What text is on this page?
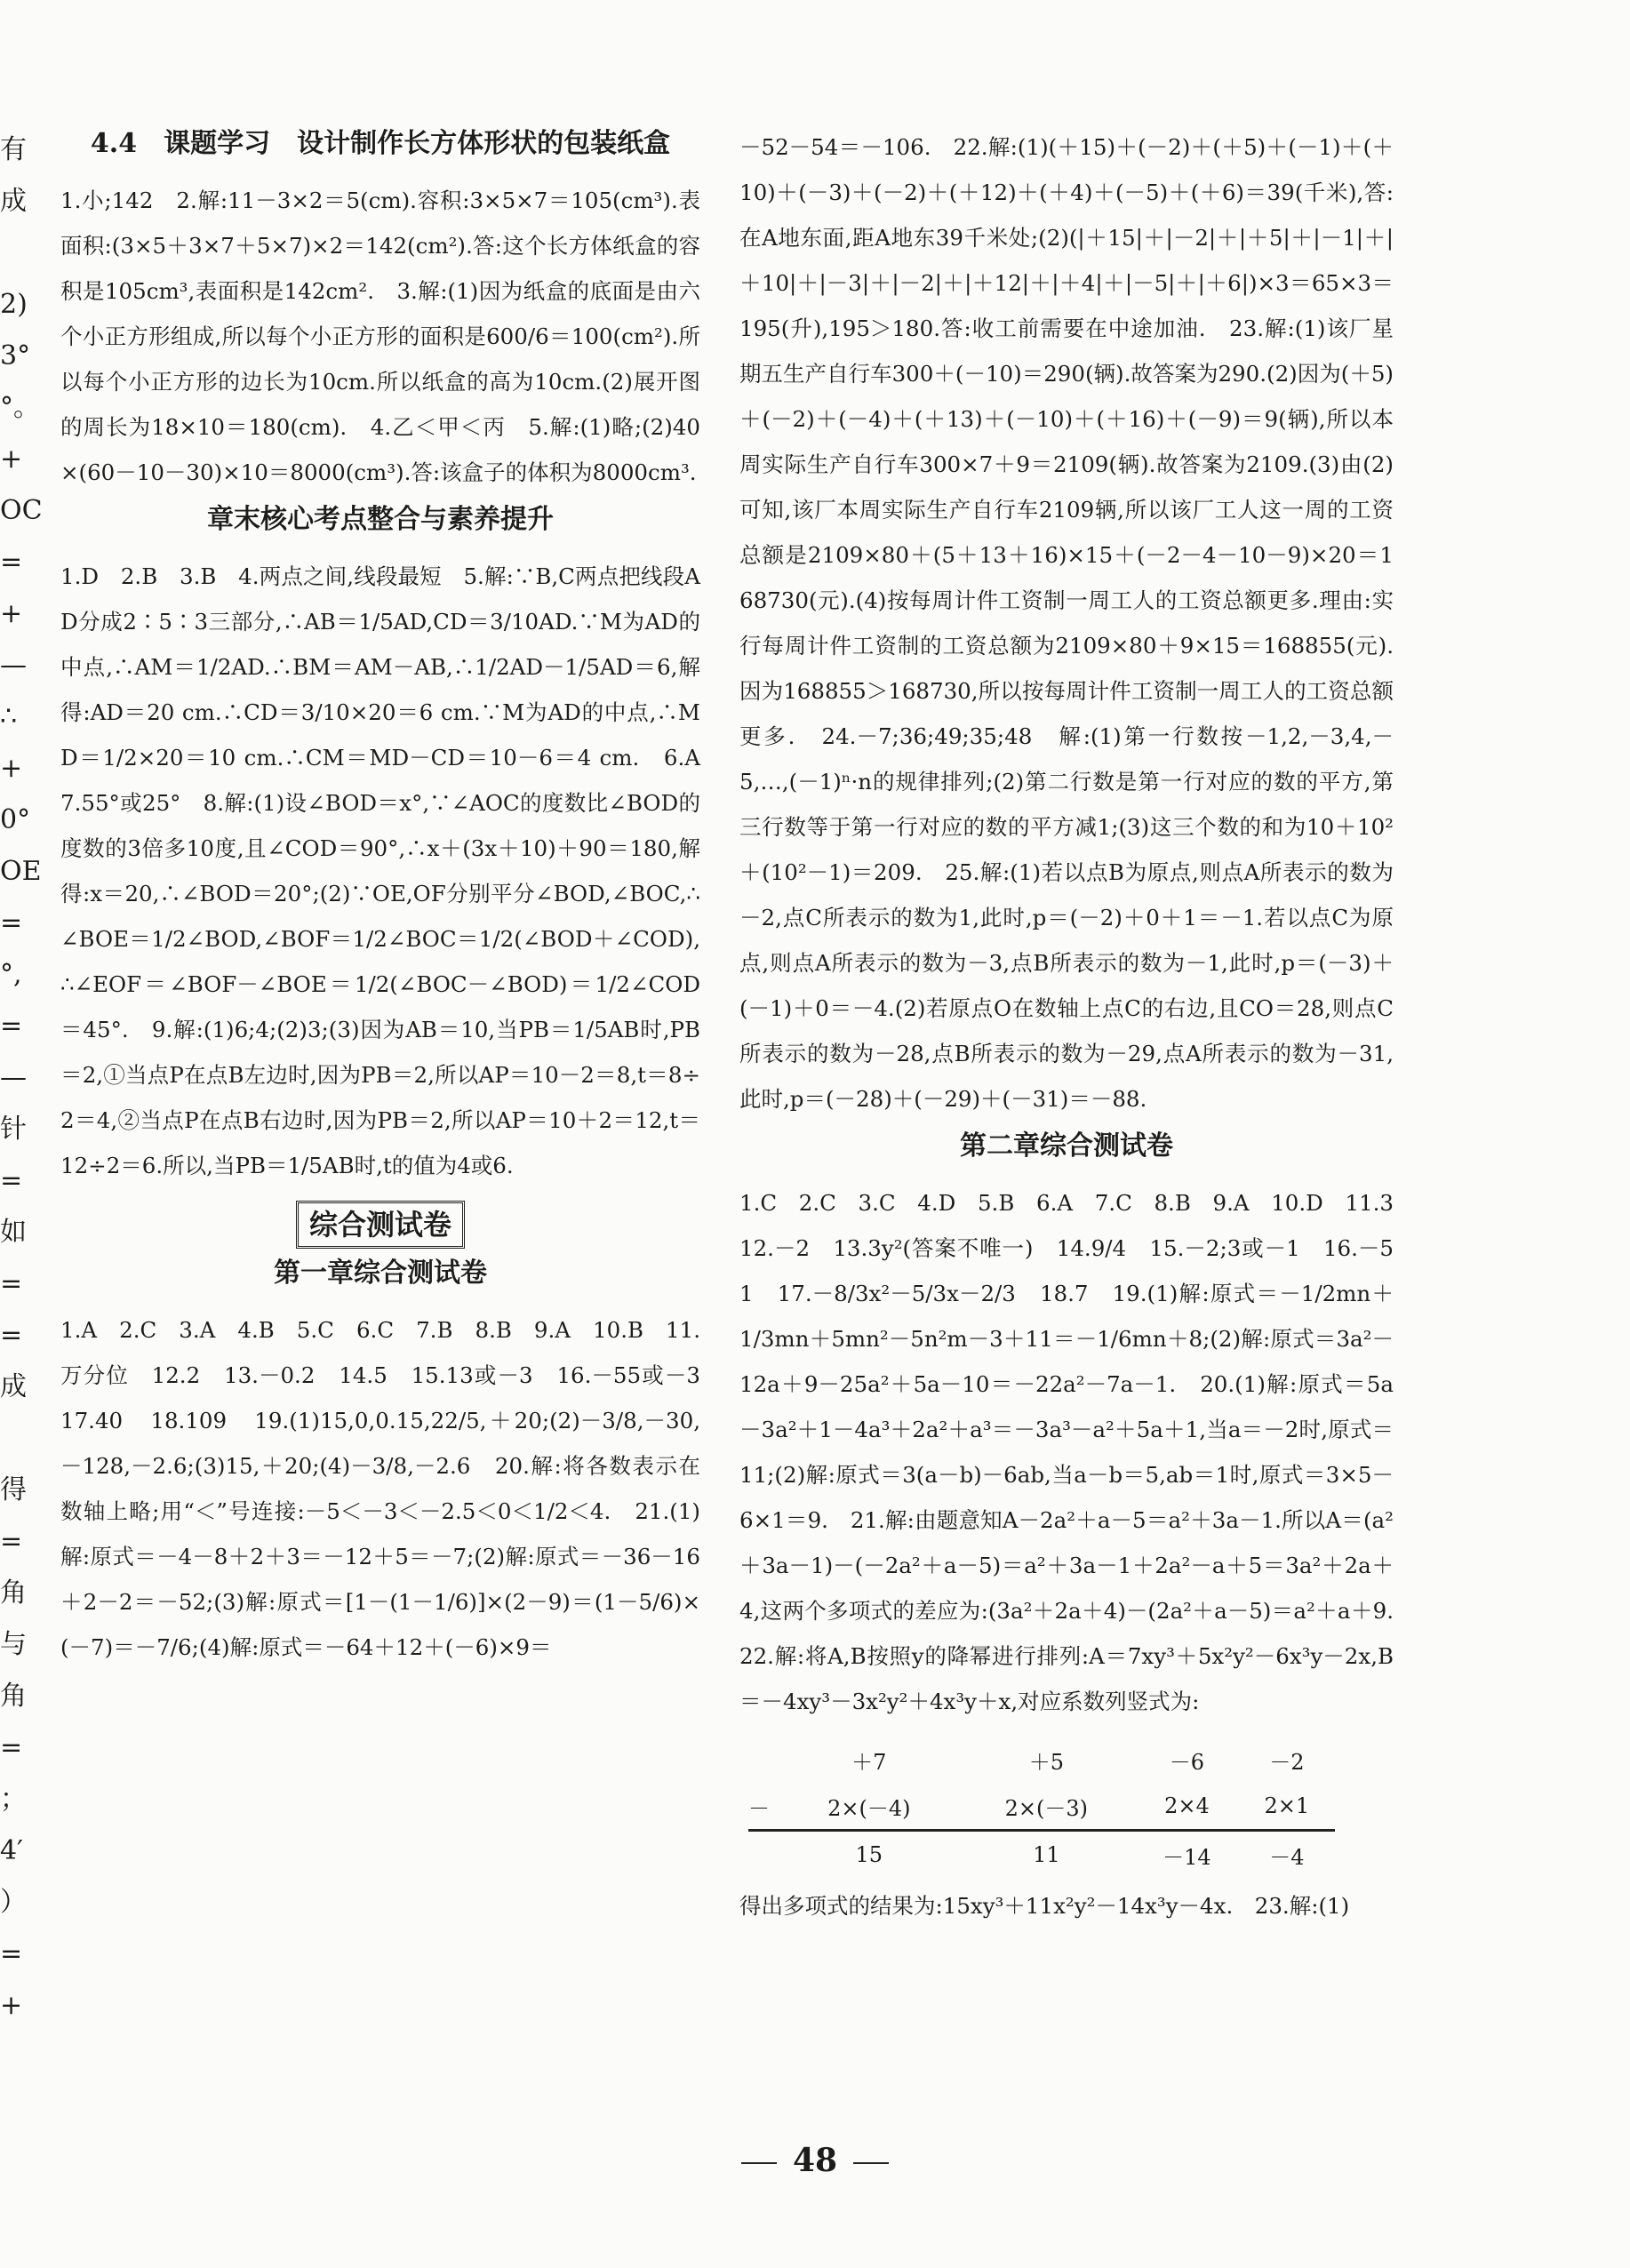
有
成
2)
3°
°。
+
OC
=
+
—
∴
+
0°
OE
=
°,
=
—
针
=
如
=
=
成
得
=
角
与
角
=
；
4′
）
=
+
4.4　课题学习　设计制作长方体形状的包装纸盒
1.小;142　2.解:11－3×2＝5(cm).容积:3×5×7＝105(cm³).表面积:(3×5＋3×7＋5×7)×2＝142(cm²).答:这个长方体纸盒的容积是105cm³,表面积是142cm².　3.解:(1)因为纸盒的底面是由六个小正方形组成,所以每个小正方形的面积是600/6＝100(cm²).所以每个小正方形的边长为10cm.所以纸盒的高为10cm.(2)展开图的周长为18×10＝180(cm).　4.乙＜甲＜丙　5.解:(1)略;(2)40×(60－10－30)×10＝8000(cm³).答:该盒子的体积为8000cm³.
章末核心考点整合与素养提升
1.D　2.B　3.B　4.两点之间,线段最短　5.解:∵B,C两点把线段AD分成2∶5∶3三部分,∴AB＝1/5AD,CD＝3/10AD.∵M为AD的中点,∴AM＝1/2AD.∴BM＝AM－AB,∴1/2AD－1/5AD＝6,解得:AD＝20 cm.∴CD＝3/10×20＝6 cm.∵M为AD的中点,∴MD＝1/2×20＝10 cm.∴CM＝MD－CD＝10－6＝4 cm.　6.A　7.55°或25°　8.解:(1)设∠BOD＝x°,∵∠AOC的度数比∠BOD的度数的3倍多10度,且∠COD＝90°,∴x＋(3x＋10)＋90＝180,解得:x＝20,∴∠BOD＝20°;(2)∵OE,OF分别平分∠BOD,∠BOC,∴∠BOE＝1/2∠BOD,∠BOF＝1/2∠BOC＝1/2(∠BOD＋∠COD),∴∠EOF＝∠BOF－∠BOE＝1/2(∠BOC－∠BOD)＝1/2∠COD＝45°.　9.解:(1)6;4;(2)3;(3)因为AB＝10,当PB＝1/5AB时,PB＝2,①当点P在点B左边时,因为PB＝2,所以AP＝10－2＝8,t＝8÷2＝4,②当点P在点B右边时,因为PB＝2,所以AP＝10＋2＝12,t＝12÷2＝6.所以,当PB＝1/5AB时,t的值为4或6.
综合测试卷
第一章综合测试卷
1.A　2.C　3.A　4.B　5.C　6.C　7.B　8.B　9.A　10.B　11.万分位　12.2　13.－0.2　14.5　15.13或－3　16.－55或－3　17.40　18.109　19.(1)15,0,0.15,22/5,＋20;(2)－3/8,－30,－128,－2.6;(3)15,＋20;(4)－3/8,－2.6　20.解:将各数表示在数轴上略;用“＜”号连接:－5＜－3＜－2.5＜0＜1/2＜4.　21.(1)解:原式＝－4－8＋2＋3＝－12＋5＝－7;(2)解:原式＝－36－16＋2－2＝－52;(3)解:原式＝[1－(1－1/6)]×(2－9)＝(1－5/6)×(－7)＝－7/6;(4)解:原式＝－64＋12＋(－6)×9＝
－52－54＝－106.　22.解:(1)(＋15)＋(－2)＋(＋5)＋(－1)＋(＋10)＋(－3)＋(－2)＋(＋12)＋(＋4)＋(－5)＋(＋6)＝39(千米),答:在A地东面,距A地东39千米处;(2)(|＋15|＋|－2|＋|＋5|＋|－1|＋|＋10|＋|－3|＋|－2|＋|＋12|＋|＋4|＋|－5|＋|＋6|)×3＝65×3＝195(升),195＞180.答:收工前需要在中途加油.　23.解:(1)该厂星期五生产自行车300＋(－10)＝290(辆).故答案为290.(2)因为(＋5)＋(－2)＋(－4)＋(＋13)＋(－10)＋(＋16)＋(－9)＝9(辆),所以本周实际生产自行车300×7＋9＝2109(辆).故答案为2109.(3)由(2)可知,该厂本周实际生产自行车2109辆,所以该厂工人这一周的工资总额是2109×80＋(5＋13＋16)×15＋(－2－4－10－9)×20＝168730(元).(4)按每周计件工资制一周工人的工资总额更多.理由:实行每周计件工资制的工资总额为2109×80＋9×15＝168855(元).因为168855＞168730,所以按每周计件工资制一周工人的工资总额更多.　24.－7;36;49;35;48　解:(1)第一行数按－1,2,－3,4,－5,…,(－1)ⁿ·n的规律排列;(2)第二行数是第一行对应的数的平方,第三行数等于第一行对应的数的平方减1;(3)这三个数的和为10＋10²＋(10²－1)＝209.　25.解:(1)若以点B为原点,则点A所表示的数为－2,点C所表示的数为1,此时,p＝(－2)＋0＋1＝－1.若以点C为原点,则点A所表示的数为－3,点B所表示的数为－1,此时,p＝(－3)＋(－1)＋0＝－4.(2)若原点O在数轴上点C的右边,且CO＝28,则点C所表示的数为－28,点B所表示的数为－29,点A所表示的数为－31,此时,p＝(－28)＋(－29)＋(－31)＝－88.
第二章综合测试卷
1.C　2.C　3.C　4.D　5.B　6.A　7.C　8.B　9.A　10.D　11.3　12.－2　13.3y²(答案不唯一)　14.9/4　15.－2;3或－1　16.－51　17.－8/3x²－5/3x－2/3　18.7　19.(1)解:原式＝－1/2mn＋1/3mn＋5mn²－5n²m－3＋11＝－1/6mn＋8;(2)解:原式＝3a²－12a＋9－25a²＋5a－10＝－22a²－7a－1.　20.(1)解:原式＝5a－3a²＋1－4a³＋2a²＋a³＝－3a³－a²＋5a＋1,当a＝－2时,原式＝11;(2)解:原式＝3(a－b)－6ab,当a－b＝5,ab＝1时,原式＝3×5－6×1＝9.　21.解:由题意知A－2a²＋a－5＝a²＋3a－1.所以A＝(a²＋3a－1)－(－2a²＋a－5)＝a²＋3a－1＋2a²－a＋5＝3a²＋2a＋4,这两个多项式的差应为:(3a²＋2a＋4)－(2a²＋a－5)＝a²＋a＋9.　22.解:将A,B按照y的降幂进行排列:A＝7xy³＋5x²y²－6x³y－2x,B＝－4xy³－3x²y²＋4x³y＋x,对应系数列竖式为:
	＋7	＋5	－6	－2
－	2×(－4)	2×(－3)	2×4	2×1
	15	11	－14	－4
得出多项式的结果为:15xy³＋11x²y²－14x³y－4x.　23.解:(1)
48
